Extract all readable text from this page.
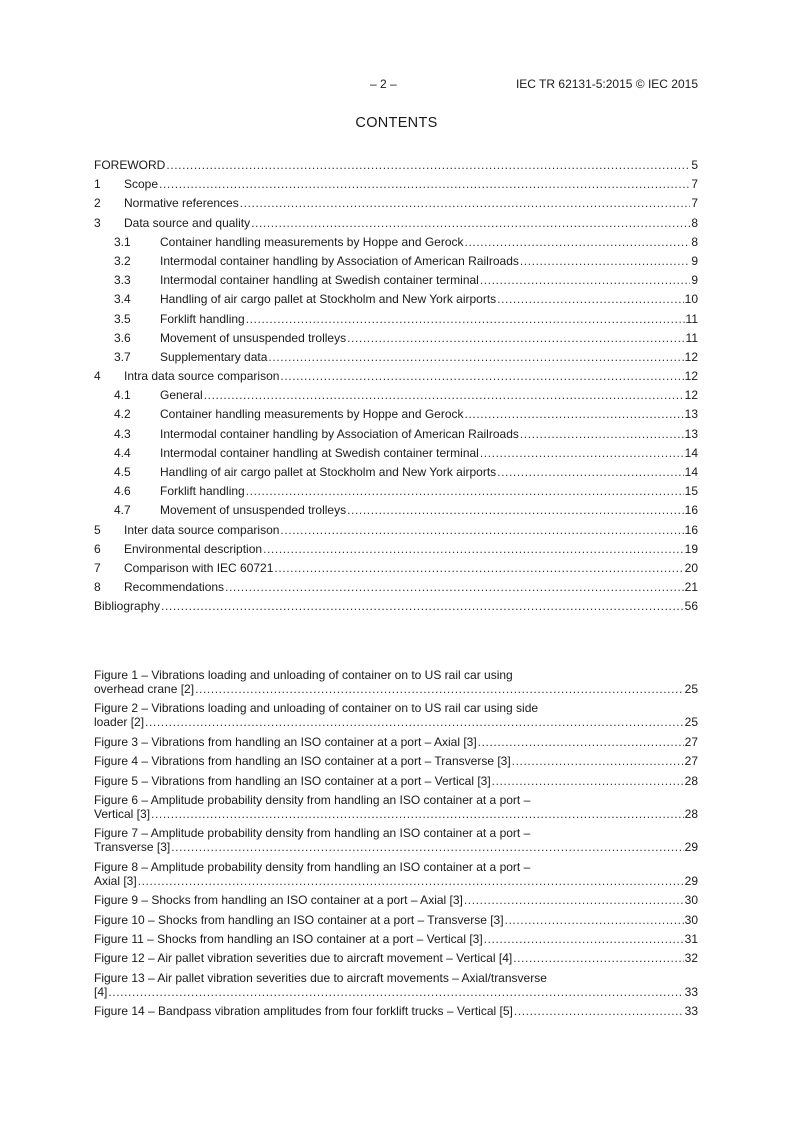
– 2 –	IEC TR 62131-5:2015 © IEC 2015
CONTENTS
FOREWORD .....	5
1	Scope .....	7
2	Normative references .....	7
3	Data source and quality .....	8
3.1	Container handling measurements by Hoppe and Gerock .....	8
3.2	Intermodal container handling by Association of American Railroads .....	9
3.3	Intermodal container handling at Swedish container terminal .....	9
3.4	Handling of air cargo pallet at Stockholm and New York airports .....	10
3.5	Forklift handling .....	11
3.6	Movement of unsuspended trolleys .....	11
3.7	Supplementary data .....	12
4	Intra data source comparison .....	12
4.1	General .....	12
4.2	Container handling measurements by Hoppe and Gerock .....	13
4.3	Intermodal container handling by Association of American Railroads .....	13
4.4	Intermodal container handling at Swedish container terminal .....	14
4.5	Handling of air cargo pallet at Stockholm and New York airports .....	14
4.6	Forklift handling .....	15
4.7	Movement of unsuspended trolleys .....	16
5	Inter data source comparison .....	16
6	Environmental description .....	19
7	Comparison with IEC 60721 .....	20
8	Recommendations .....	21
Bibliography .....	56
Figure 1 – Vibrations loading and unloading of container on to US rail car using
overhead crane [2] .....	25
Figure 2 – Vibrations loading and unloading of container on to US rail car using side
loader [2] .....	25
Figure 3 – Vibrations from handling an ISO container at a port – Axial [3] .....	27
Figure 4 – Vibrations from handling an ISO container at a port – Transverse [3] .....	27
Figure 5 – Vibrations from handling an ISO container at a port – Vertical [3] .....	28
Figure 6 – Amplitude probability density from handling an ISO container at a port –
Vertical [3] .....	28
Figure 7 – Amplitude probability density from handling an ISO container at a port –
Transverse [3] .....	29
Figure 8 – Amplitude probability density from handling an ISO container at a port –
Axial [3] .....	29
Figure 9 – Shocks from handling an ISO container at a port – Axial [3] .....	30
Figure 10 – Shocks from handling an ISO container at a port – Transverse [3] .....	30
Figure 11 – Shocks from handling an ISO container at a port – Vertical [3] .....	31
Figure 12 – Air pallet vibration severities due to aircraft movement – Vertical [4] .....	32
Figure 13 – Air pallet vibration severities due to aircraft movements – Axial/transverse
[4] .....	33
Figure 14 – Bandpass vibration amplitudes from four forklift trucks – Vertical [5] .....	33
